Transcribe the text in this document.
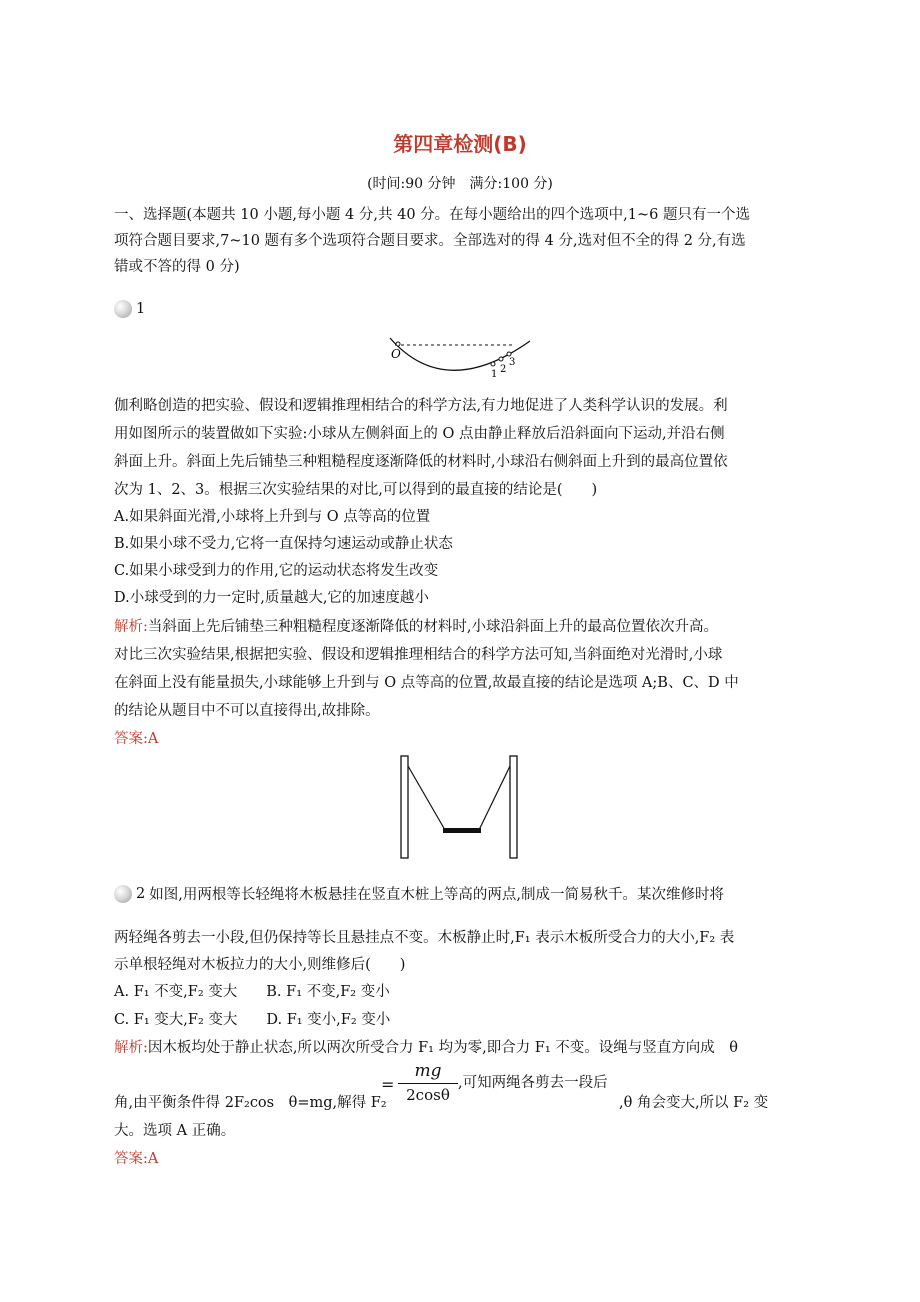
第四章检测(B)
(时间:90 分钟　满分:100 分)
一、选择题(本题共 10 小题,每小题 4 分,共 40 分。在每小题给出的四个选项中,1~6 题只有一个选
项符合题目要求,7~10 题有多个选项符合题目要求。全部选对的得 4 分,选对但不全的得 2 分,有选
错或不答的得 0 分)
1
O
1 2
3
伽利略创造的把实验、假设和逻辑推理相结合的科学方法,有力地促进了人类科学认识的发展。利
用如图所示的装置做如下实验:小球从左侧斜面上的 O 点由静止释放后沿斜面向下运动,并沿右侧
斜面上升。斜面上先后铺垫三种粗糙程度逐渐降低的材料时,小球沿右侧斜面上升到的最高位置依
次为 1、2、3。根据三次实验结果的对比,可以得到的最直接的结论是(　　)
A.如果斜面光滑,小球将上升到与 O 点等高的位置
B.如果小球不受力,它将一直保持匀速运动或静止状态
C.如果小球受到力的作用,它的运动状态将发生改变
D.小球受到的力一定时,质量越大,它的加速度越小
解析:当斜面上先后铺垫三种粗糙程度逐渐降低的材料时,小球沿斜面上升的最高位置依次升高。
对比三次实验结果,根据把实验、假设和逻辑推理相结合的科学方法可知,当斜面绝对光滑时,小球
在斜面上没有能量损失,小球能够上升到与 O 点等高的位置,故最直接的结论是选项 A;B、C、D 中
的结论从题目中不可以直接得出,故排除。
答案:A
2 如图,用两根等长轻绳将木板悬挂在竖直木桩上等高的两点,制成一简易秋千。某次维修时将
两轻绳各剪去一小段,但仍保持等长且悬挂点不变。木板静止时,F₁ 表示木板所受合力的大小,F₂ 表
示单根轻绳对木板拉力的大小,则维修后(　　)
A. F₁ 不变,F₂ 变大　　B. F₁ 不变,F₂ 变小
C. F₁ 变大,F₂ 变大　　D. F₁ 变小,F₂ 变小
解析:因木板均处于静止状态,所以两次所受合力 F₁ 均为零,即合力 F₁ 不变。设绳与竖直方向成　θ
角,由平衡条件得 2F₂cos　θ=mg,解得 F₂
= $\frac{mg}{2\cos\theta}$ ,可知两绳各剪去一段后
,θ 角会变大,所以 F₂ 变
大。选项 A 正确。
答案:A
